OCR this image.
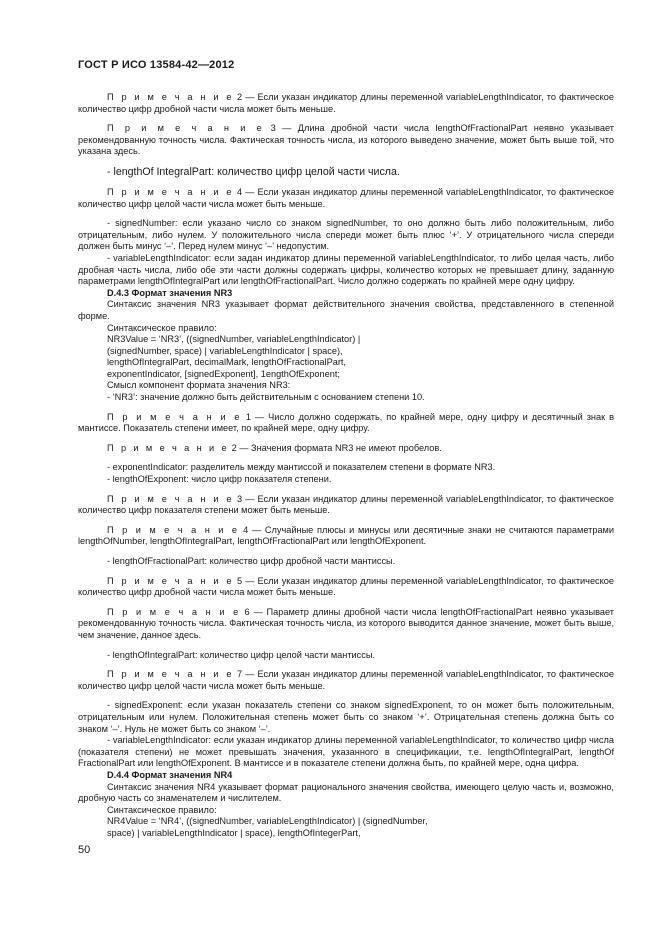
ГОСТ Р ИСО 13584-42—2012

П р и м е ч а н и е 2 — Если указан индикатор длины переменной variableLengthIndicator, то фактическое количество цифр дробной части числа может быть меньше.

П р и м е ч а н и е 3 — Длина дробной части числа lengthOfFractionalPart неявно указывает рекомендованную точность числа. Фактическая точность числа, из которого выведено значение, может быть выше той, что указана здесь.

- lengthOf IntegralPart: количество цифр целой части числа.

П р и м е ч а н и е 4 — Если указан индикатор длины переменной variableLengthIndicator, то фактическое количество цифр целой части числа может быть меньше.

- signedNumber: если указано число со знаком signedNumber, то оно должно быть либо положительным, либо отрицательным, либо нулем. У положительного числа спереди может быть плюс ‘+’. У отрицательного числа спереди должен быть минус ‘–’. Перед нулем минус ‘–’ недопустим.

- variableLengthIndicator: если задан индикатор длины переменной variableLengthIndicator, то либо целая часть, либо дробная часть числа, либо обе эти части должны содержать цифры, количество которых не превышает длину, заданную параметрами lengthOfIntegralPart или lengthOfFractionalPart. Число должно содержать по крайней мере одну цифру.

D.4.3 Формат значения NR3

Синтаксис значения NR3 указывает формат действительного значения свойства, представленного в степенной форме.

Синтаксическое правило:

NR3Value = ‘NR3’, ((signedNumber, variableLengthIndicator) |

(signedNumber, space) | variableLengthIndicator | space),

lengthOfIntegralPart, decimalMark, lengthOfFractionalPart,

exponentIndicator, [signedExponent], 1engthOfExponent;

Смысл компонент формата значения NR3:

- ‘NR3’: значение должно быть действительным с основанием степени 10.

П р и м е ч а н и е 1 — Число должно содержать, по крайней мере, одну цифру и десятичный знак в мантиссе. Показатель степени имеет, по крайней мере, одну цифру.

П р и м е ч а н и е 2 — Значения формата NR3 не имеют пробелов.

- exponentIndicator: разделитель между мантиссой и показателем степени в формате NR3.

- lengthOfExponent: число цифр показателя степени.

П р и м е ч а н и е 3 — Если указан индикатор длины переменной variableLengthIndicator, то фактическое количество цифр показателя степени может быть меньше.

П р и м е ч а н и е 4 — Случайные плюсы и минусы или десятичные знаки не считаются параметрами lengthOfNumber, lengthOfIntegralPart, lengthOfFractionalPart или lengthOfExponent.

- lengthOfFractionalPart: количество цифр дробной части мантиссы.

П р и м е ч а н и е 5 — Если указан индикатор длины переменной variableLengthIndicator, то фактическое количество цифр дробной части числа может быть меньше.

П р и м е ч а н и е 6 — Параметр длины дробной части числа lengthOfFractionalPart неявно указывает рекомендованную точность числа. Фактическая точность числа, из которого выводится данное значение, может быть выше, чем значение, данное здесь.

- lengthOfIntegralPart: количество цифр целой части мантиссы.

П р и м е ч а н и е 7 — Если указан индикатор длины переменной variableLengthIndicator, то фактическое количество цифр целой части числа может быть меньше.

- signedExponent: если указан показатель степени со знаком signedExponent, то он может быть положительным, отрицательным или нулем. Положительная степень может быть со знаком ‘+’. Отрицательная степень должна быть со знаком ‘–’. Нуль не может быть со знаком ‘–’.

- variableLengthIndicator: если указан индикатор длины переменной variableLengthIndicator, то количество цифр числа (показателя степени) не может превышать значения, указанного в спецификации, т.е. lengthOfIntegralPart, lengthOf FractionalPart или lengthOfExponent. В мантиссе и в показателе степени должна быть, по крайней мере, одна цифра.

D.4.4 Формат значения NR4

Синтаксис значения NR4 указывает формат рационального значения свойства, имеющего целую часть и, возможно, дробную часть со знаменателем и числителем.

Синтаксическое правило:

NR4Value = ‘NR4’, ((signedNumber, variableLengthIndicator) | (signedNumber,

space) | variableLengthIndicator | space), lengthOfIntegerPart,

50
